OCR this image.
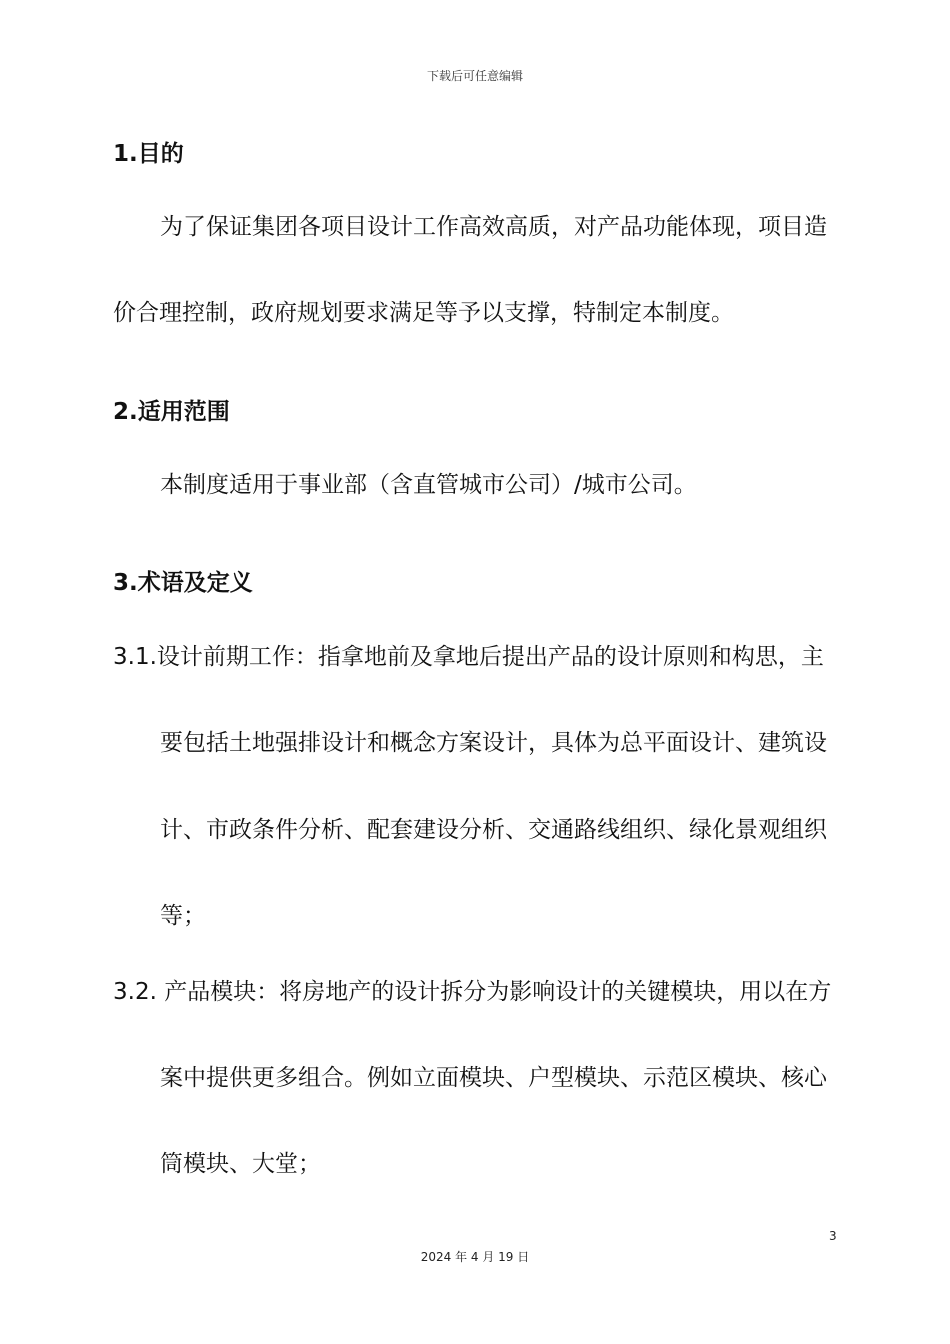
下载后可任意编辑
1.目的
为了保证集团各项目设计工作高效高质，对产品功能体现，项目造
价合理控制，政府规划要求满足等予以支撑，特制定本制度。
2.适用范围
本制度适用于事业部（含直管城市公司）/城市公司。
3.术语及定义
3.1.设计前期工作：指拿地前及拿地后提出产品的设计原则和构思，主
要包括土地强排设计和概念方案设计，具体为总平面设计、建筑设
计、市政条件分析、配套建设分析、交通路线组织、绿化景观组织
等；
3.2. 产品模块：将房地产的设计拆分为影响设计的关键模块，用以在方
案中提供更多组合。例如立面模块、户型模块、示范区模块、核心
筒模块、大堂；
3
2024 年 4 月 19 日
